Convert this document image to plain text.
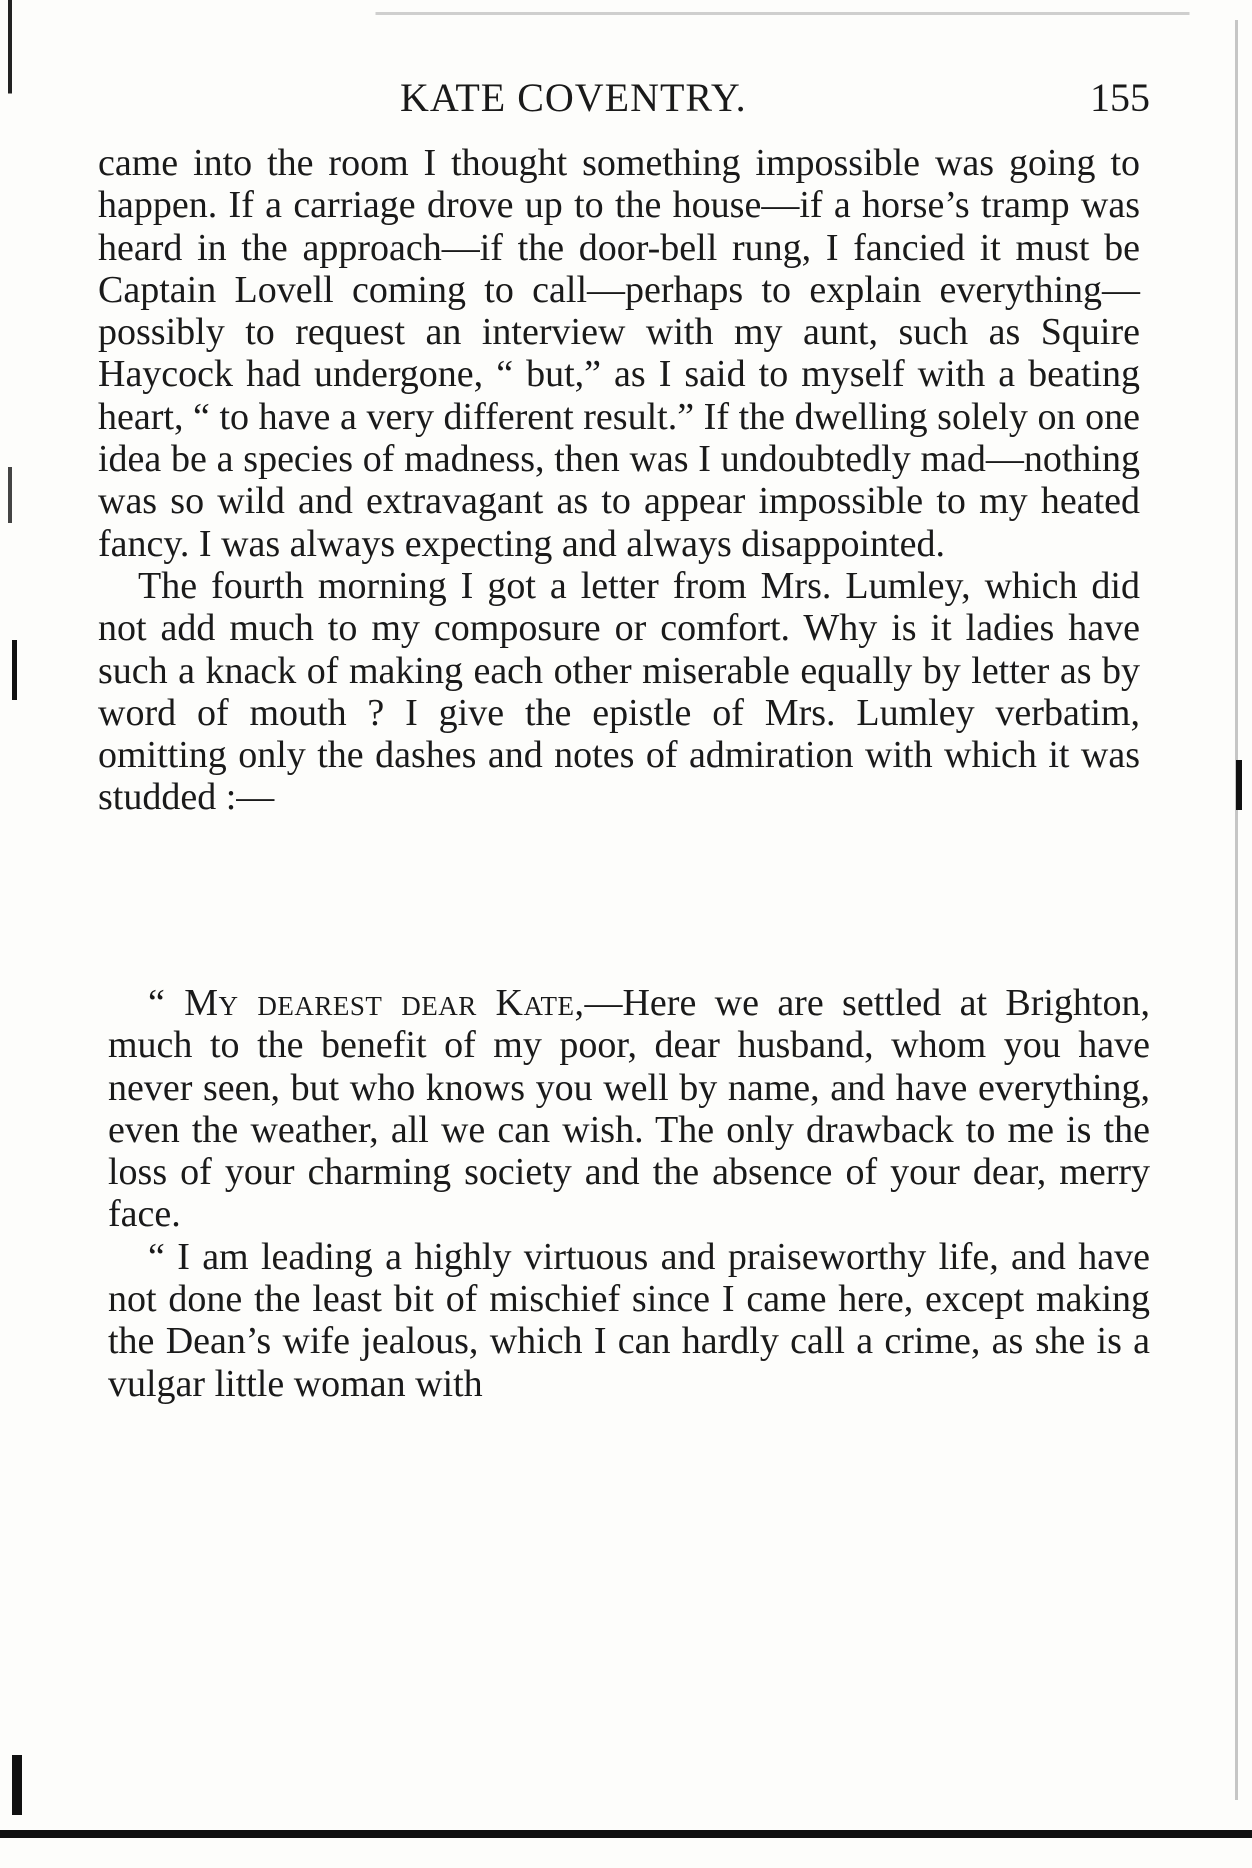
KATE COVENTRY.	155

came into the room I thought something impossible was going to happen. If a carriage drove up to the house—if a horse’s tramp was heard in the approach—if the door-bell rung, I fancied it must be Captain Lovell coming to call—perhaps to explain everything—possibly to request an interview with my aunt, such as Squire Haycock had undergone, “ but,” as I said to myself with a beating heart, “ to have a very different result.” If the dwelling solely on one idea be a species of madness, then was I undoubtedly mad—nothing was so wild and extravagant as to appear impossible to my heated fancy. I was always expecting and always disappointed.

The fourth morning I got a letter from Mrs. Lumley, which did not add much to my composure or comfort. Why is it ladies have such a knack of making each other miserable equally by letter as by word of mouth ? I give the epistle of Mrs. Lumley verbatim, omitting only the dashes and notes of admiration with which it was studded :—

“ My dearest dear Kate,—Here we are settled at Brighton, much to the benefit of my poor, dear husband, whom you have never seen, but who knows you well by name, and have everything, even the weather, all we can wish. The only drawback to me is the loss of your charming society and the absence of your dear, merry face.

“ I am leading a highly virtuous and praiseworthy life, and have not done the least bit of mischief since I came here, except making the Dean’s wife jealous, which I can hardly call a crime, as she is a vulgar little woman with
